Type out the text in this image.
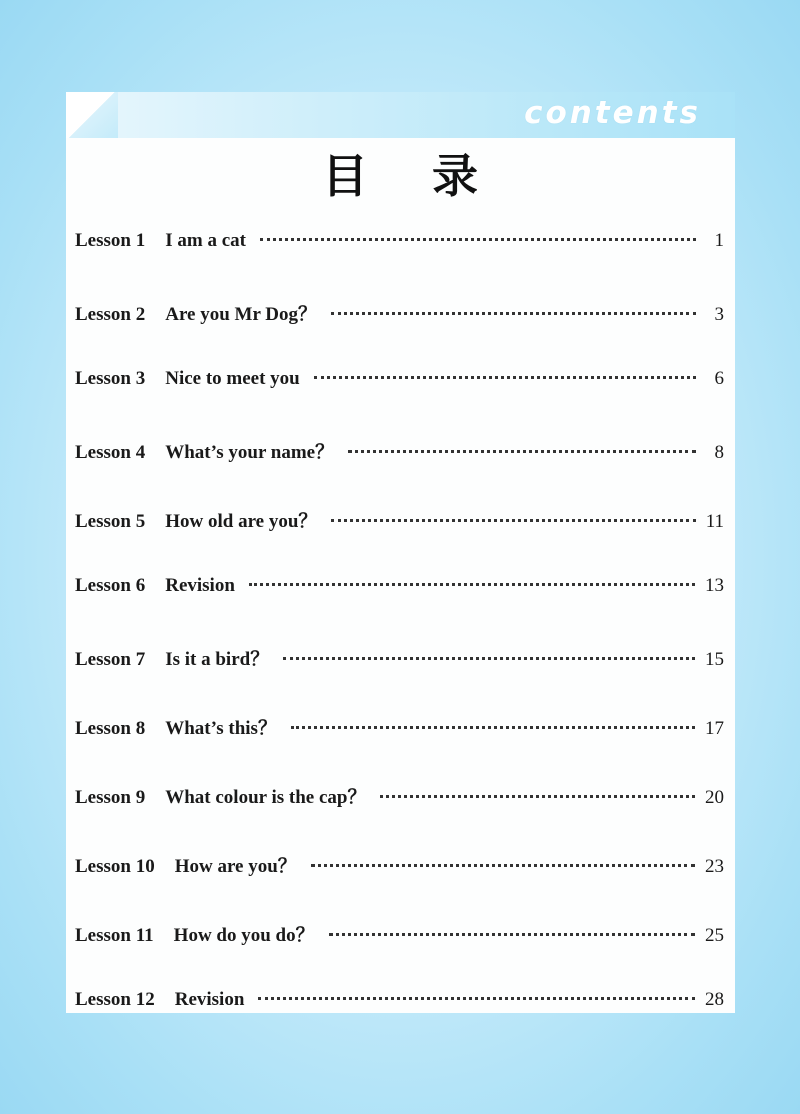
contents
目 录
Lesson 1 I am a cat	1
Lesson 2 Are you Mr Dog？	3
Lesson 3 Nice to meet you	6
Lesson 4 What’s your name？	8
Lesson 5 How old are you？	11
Lesson 6 Revision	13
Lesson 7 Is it a bird？	15
Lesson 8 What’s this？	17
Lesson 9 What colour is the cap？	20
Lesson 10 How are you？	23
Lesson 11 How do you do？	25
Lesson 12 Revision	28
